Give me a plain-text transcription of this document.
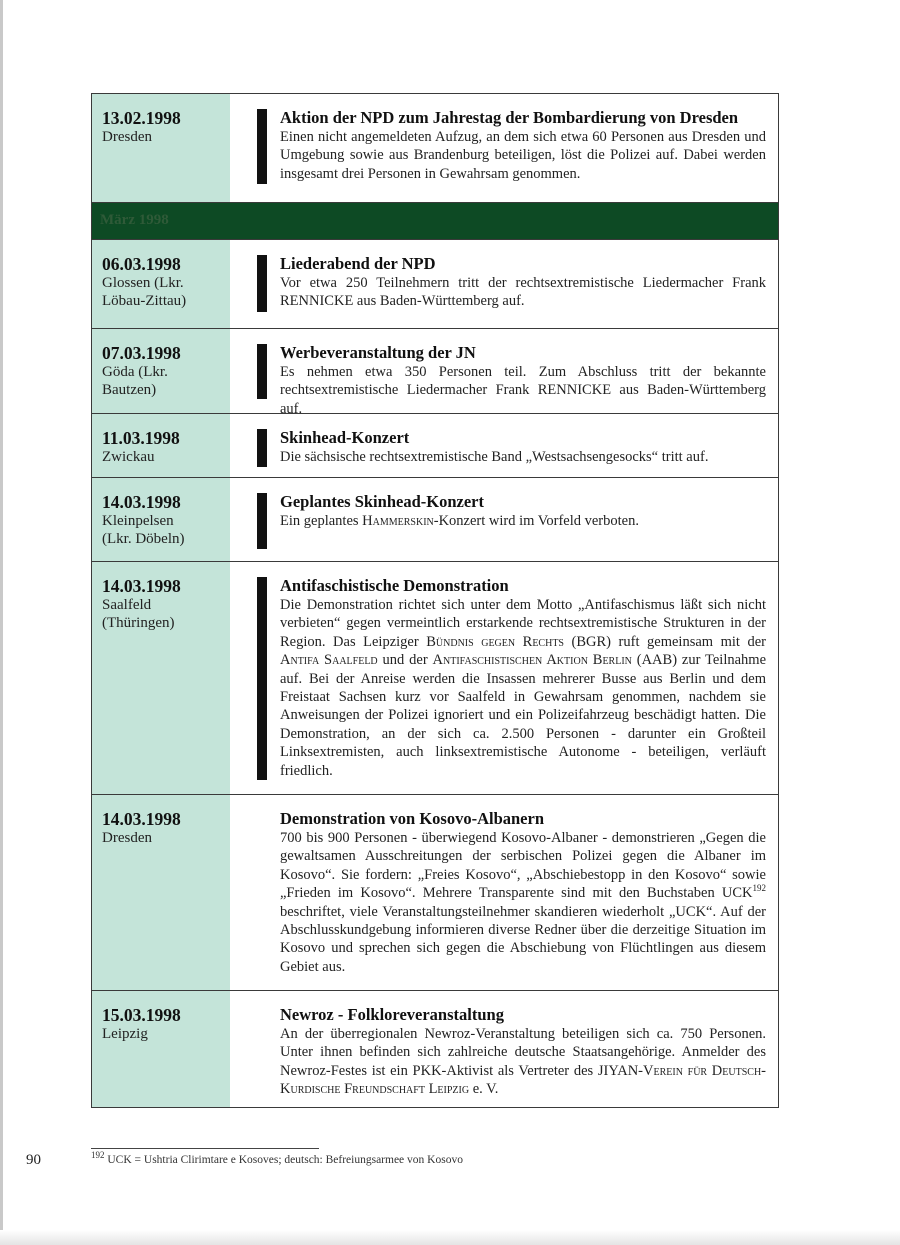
13.02.1998
Dresden
Aktion der NPD zum Jahrestag der Bombardierung von Dresden
Einen nicht angemeldeten Aufzug, an dem sich etwa 60 Personen aus Dresden und Umgebung sowie aus Brandenburg beteiligen, löst die Polizei auf. Dabei werden insgesamt drei Personen in Gewahrsam genommen.
März 1998
06.03.1998
Glossen (Lkr. Löbau-Zittau)
Liederabend der NPD
Vor etwa 250 Teilnehmern tritt der rechtsextremistische Liedermacher Frank RENNICKE aus Baden-Württemberg auf.
07.03.1998
Göda (Lkr. Bautzen)
Werbeveranstaltung der JN
Es nehmen etwa 350 Personen teil. Zum Abschluss tritt der bekannte rechtsextremistische Liedermacher Frank RENNICKE aus Baden-Württemberg auf.
11.03.1998
Zwickau
Skinhead-Konzert
Die sächsische rechtsextremistische Band „Westsachsengesocks“ tritt auf.
14.03.1998
Kleinpelsen (Lkr. Döbeln)
Geplantes Skinhead-Konzert
Ein geplantes Hammerskin-Konzert wird im Vorfeld verboten.
14.03.1998
Saalfeld (Thüringen)
Antifaschistische Demonstration
Die Demonstration richtet sich unter dem Motto „Antifaschismus läßt sich nicht verbieten“ gegen vermeintlich erstarkende rechtsextremistische Strukturen in der Region. Das Leipziger Bündnis gegen Rechts (BGR) ruft gemeinsam mit der Antifa Saalfeld und der Antifaschistischen Aktion Berlin (AAB) zur Teilnahme auf. Bei der Anreise werden die Insassen mehrerer Busse aus Berlin und dem Freistaat Sachsen kurz vor Saalfeld in Gewahrsam genommen, nachdem sie Anweisungen der Polizei ignoriert und ein Polizeifahrzeug beschädigt hatten. Die Demonstration, an der sich ca. 2.500 Personen - darunter ein Großteil Linksextremisten, auch linksextremistische Autonome - beteiligen, verläuft friedlich.
14.03.1998
Dresden
Demonstration von Kosovo-Albanern
700 bis 900 Personen - überwiegend Kosovo-Albaner - demonstrieren „Gegen die gewaltsamen Ausschreitungen der serbischen Polizei gegen die Albaner im Kosovo“. Sie fordern: „Freies Kosovo“, „Abschiebestopp in den Kosovo“ sowie „Frieden im Kosovo“. Mehrere Transparente sind mit den Buchstaben UCK$^{192}$ beschriftet, viele Veranstaltungsteilnehmer skandieren wiederholt „UCK“. Auf der Abschlusskundgebung informieren diverse Redner über die derzeitige Situation im Kosovo und sprechen sich gegen die Abschiebung von Flüchtlingen aus diesem Gebiet aus.
15.03.1998
Leipzig
Newroz - Folkloreveranstaltung
An der überregionalen Newroz-Veranstaltung beteiligen sich ca. 750 Personen. Unter ihnen befinden sich zahlreiche deutsche Staatsangehörige. Anmelder des Newroz-Festes ist ein PKK-Aktivist als Vertreter des JIYAN-Verein für Deutsch-Kurdische Freundschaft Leipzig e. V.
90	$^{192}$ UCK = Ushtria Clirimtare e Kosoves; deutsch: Befreiungsarmee von Kosovo
